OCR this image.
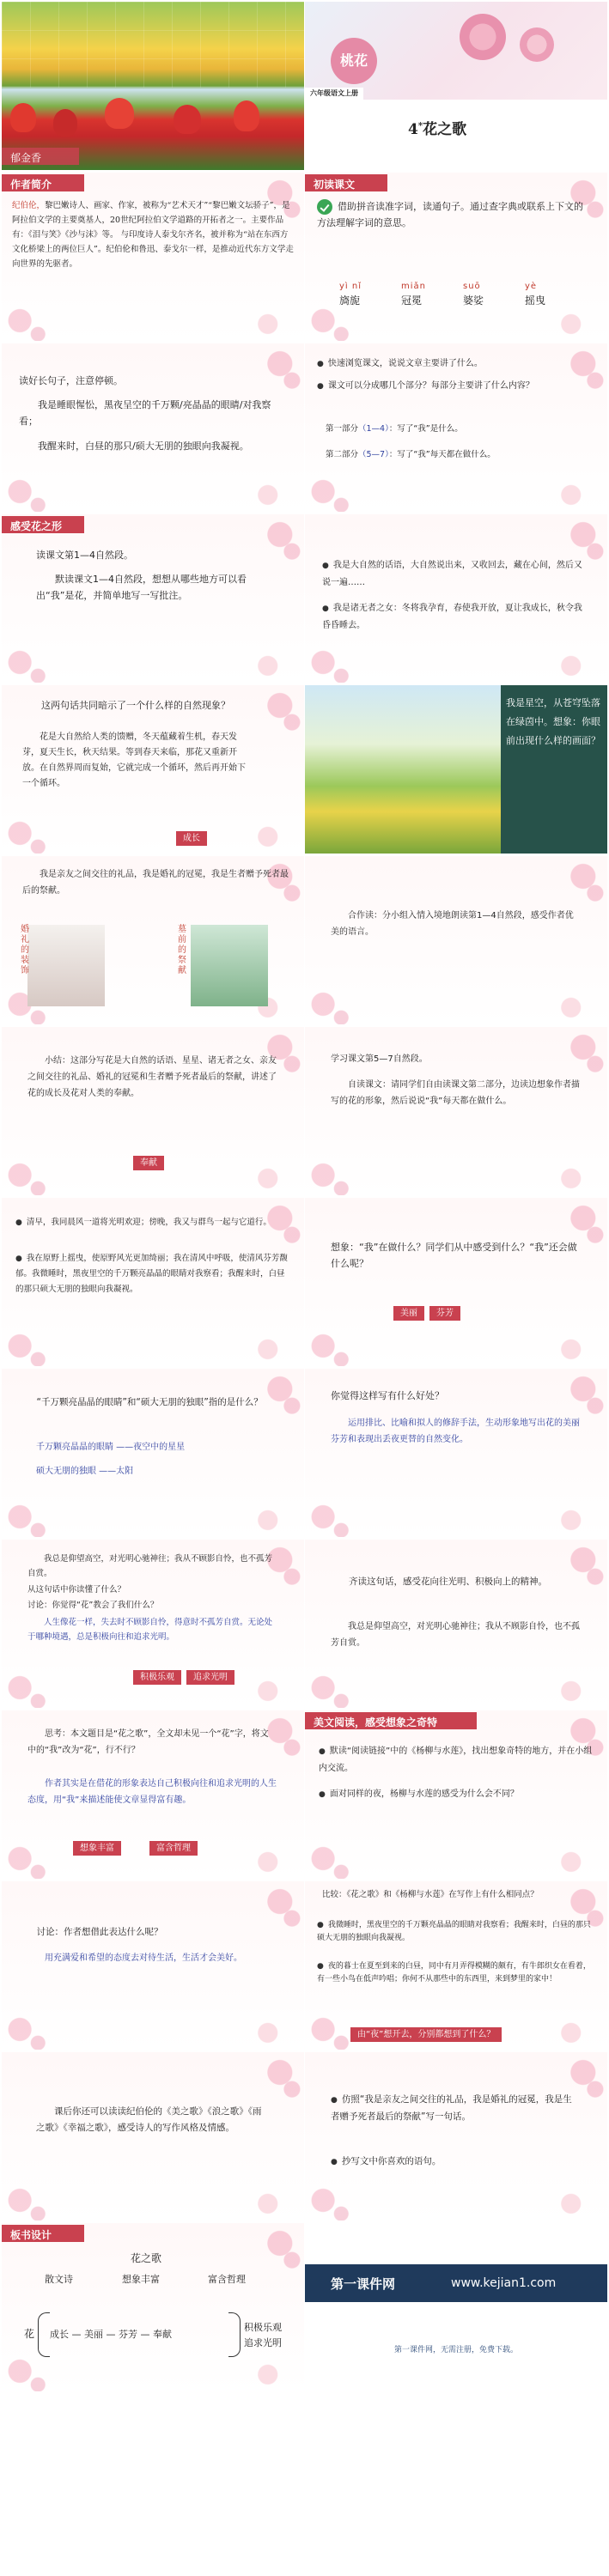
郁金香
桃花
六年级语文上册
4*花之歌
作者简介
纪伯伦，黎巴嫩诗人、画家、作家，被称为“艺术天才”“黎巴嫩文坛骄子”，是阿拉伯文学的主要奠基人，20世纪阿拉伯文学道路的开拓者之一。主要作品有：《泪与笑》《沙与沫》等。 与印度诗人泰戈尔齐名，被并称为“站在东西方文化桥梁上的两位巨人”。纪伯伦和鲁迅、泰戈尔一样，是推动近代东方文学走向世界的先驱者。
初读课文
借助拼音读准字词，读通句子。通过查字典或联系上下文的方法理解字词的意思。
yì nǐ	miǎn	suō	yè
旖旎	冠冕	婆娑	摇曳
读好长句子，注意停顿。
我是睡眼惺忪，黑夜呈空的千万颗/亮晶晶的眼睛/对我察看；
我醒来时，白昼的那只/硕大无朋的独眼向我凝视。
● 快速浏览课文，说说文章主要讲了什么。
● 课文可以分成哪几个部分？每部分主要讲了什么内容？
第一部分（1—4）：写了“我”是什么。
第二部分（5—7）：写了“我”每天都在做什么。
感受花之形
读课文第1—4自然段。
默读课文1—4自然段，想想从哪些地方可以看出“我”是花，并简单地写一写批注。
● 我是大自然的话语，大自然说出来，又收回去，藏在心间，然后又说一遍……
● 我是诸无者之女：冬将我孕育，春使我开放，夏让我成长，秋令我昏昏睡去。
这两句话共同暗示了一个什么样的自然现象？
花是大自然给人类的馈赠，冬天蕴藏着生机，春天发芽，夏天生长，秋天结果。等到春天来临，那花又重新开放。在自然界周而复始，它就完成一个循环，然后再开始下一个循环。
成长
我是星空，从苍穹坠落在绿茵中。想象：你眼前出现什么样的画面？
我是亲友之间交往的礼品，我是婚礼的冠冕，我是生者赠予死者最后的祭献。
婚礼的装饰
墓前的祭献
合作读：分小组入情入境地朗读第1—4自然段，感受作者优美的语言。
小结：这部分写花是大自然的话语、星星、诸无者之女、亲友之间交往的礼品、婚礼的冠冕和生者赠予死者最后的祭献，讲述了花的成长及花对人类的奉献。
奉献
学习课文第5—7自然段。
自读课文：请同学们自由读课文第二部分，边读边想象作者描写的花的形象，然后说说“我”每天都在做什么。
● 清早，我同晨风一道将光明欢迎；傍晚，我又与群鸟一起与它道行。
● 我在原野上摇曳，使原野风光更加绮丽；我在清风中呼吸，使清风芬芳馥郁。我微睡时，黑夜里空的千万颗亮晶晶的眼睛对我察看；我醒来时，白昼的那只硕大无朋的独眼向我凝视。
想象：“我”在做什么？同学们从中感受到什么？“我”还会做什么呢？
美丽 芬芳
“千万颗亮晶晶的眼睛”和“硕大无朋的独眼”指的是什么？
千万颗亮晶晶的眼睛 ——夜空中的星星
硕大无朋的独眼 ——太阳
你觉得这样写有什么好处？
运用排比、比喻和拟人的修辞手法，生动形象地写出花的美丽芬芳和表现出丢夜更替的自然变化。
我总是仰望高空，对光明心驰神往；我从不顾影自怜，也不孤芳自赏。
从这句话中你读懂了什么？
讨论：你觉得“花”教会了我们什么？
人生像花一样，失去时不顾影自怜，得意时不孤芳自赏。无论处于哪种境遇，总是积极向往和追求光明。
积极乐观 追求光明
齐读这句话，感受花向往光明、积极向上的精神。
我总是仰望高空，对光明心驰神往；我从不顾影自怜，也不孤芳自赏。
思考：本文题目是“花之歌”，全文却未见一个“花”字，将文中的“我”改为“花”，行不行？
作者其实是在借花的形象表达自己积极向往和追求光明的人生态度，用“我”来描述能使文章显得富有趣。
想象丰富	富含哲理
美文阅读，感受想象之奇特
● 默读“阅读链接”中的《杨柳与水莲》，找出想象奇特的地方，并在小组内交流。
● 面对同样的夜，杨柳与水莲的感受为什么会不同？
讨论：作者想借此表达什么呢？
用充满爱和希望的态度去对待生活，生活才会美好。
比较：《花之歌》和《杨柳与水莲》在写作上有什么相同点？
● 我微睡时，黑夜里空的千万颗亮晶晶的眼睛对我察看；我醒来时，白昼的那只硕大无朋的独眼向我凝视。
● 夜的暮士在夏至到来的白昼，同中有月弄得模糊的颇有，有牛郎织女在看着，有一些小鸟在低声吟唱；你何不从那些中的东西里，来到梦里的家中！
由“夜”想开去，分别都想到了什么？
课后你还可以读读纪伯伦的《美之歌》《浪之歌》《雨之歌》《幸福之歌》，感受诗人的写作风格及情感。
● 仿照“我是亲友之间交往的礼品，我是婚礼的冠冕，我是生者赠予死者最后的祭献”写一句话。
● 抄写文中你喜欢的语句。
板书设计
花之歌
散文诗	想象丰富	富含哲理
花 成长 — 美丽 — 芬芳 — 奉献
积极乐观
追求光明
第一课件网	www.kejian1.com
第一课件网，无需注册，免费下载。
